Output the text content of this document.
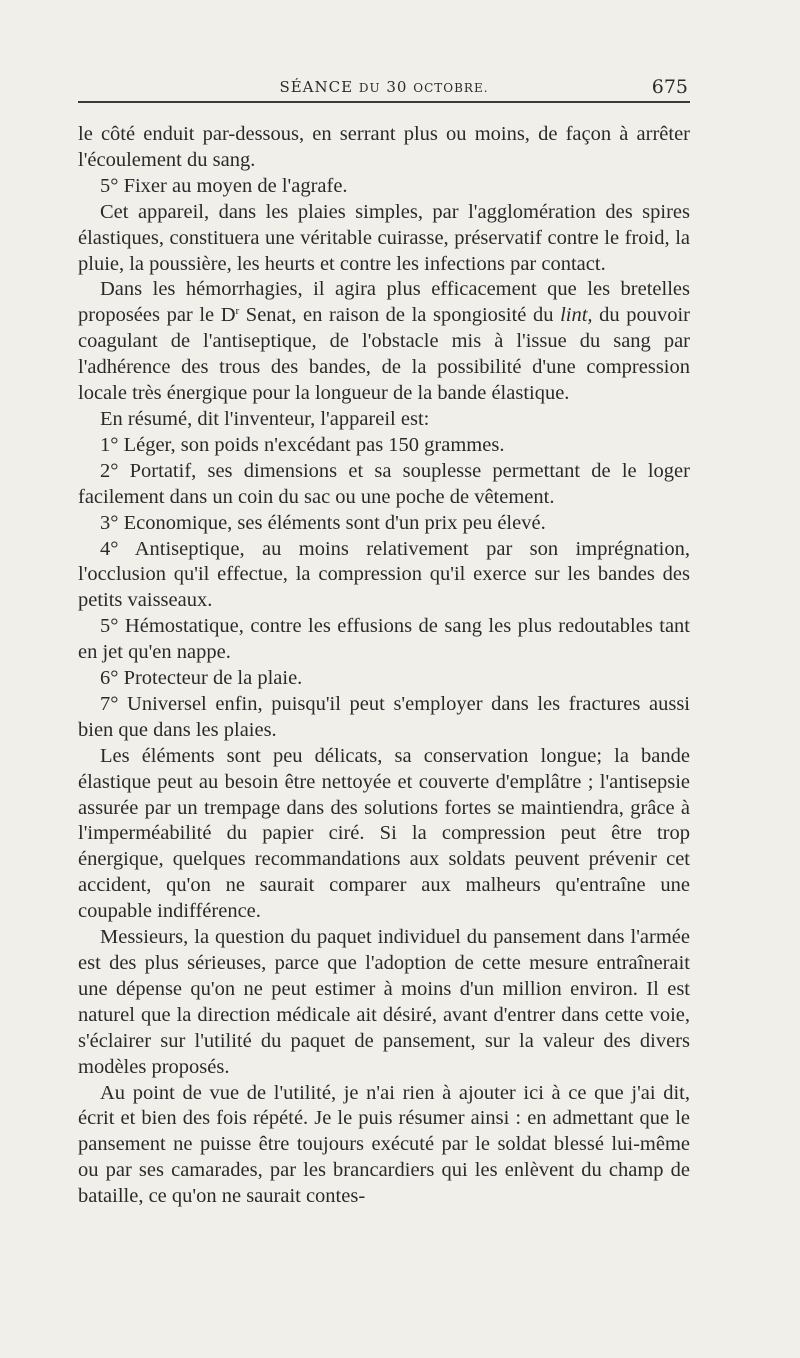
SÉANCE DU 30 OCTOBRE.	675

le côté enduit par-dessous, en serrant plus ou moins, de façon à arrêter l'écoulement du sang.

5° Fixer au moyen de l'agrafe.

Cet appareil, dans les plaies simples, par l'agglomération des spires élastiques, constituera une véritable cuirasse, préservatif contre le froid, la pluie, la poussière, les heurts et contre les infections par contact.

Dans les hémorrhagies, il agira plus efficacement que les bretelles proposées par le $D^r$ Senat, en raison de la spongiosité du lint, du pouvoir coagulant de l'antiseptique, de l'obstacle mis à l'issue du sang par l'adhérence des trous des bandes, de la possibilité d'une compression locale très énergique pour la longueur de la bande élastique.

En résumé, dit l'inventeur, l'appareil est:

1° Léger, son poids n'excédant pas 150 grammes.

2° Portatif, ses dimensions et sa souplesse permettant de le loger facilement dans un coin du sac ou une poche de vêtement.

3° Economique, ses éléments sont d'un prix peu élevé.

4° Antiseptique, au moins relativement par son imprégnation, l'occlusion qu'il effectue, la compression qu'il exerce sur les bandes des petits vaisseaux.

5° Hémostatique, contre les effusions de sang les plus redoutables tant en jet qu'en nappe.

6° Protecteur de la plaie.

7° Universel enfin, puisqu'il peut s'employer dans les fractures aussi bien que dans les plaies.

Les éléments sont peu délicats, sa conservation longue; la bande élastique peut au besoin être nettoyée et couverte d'emplâtre ; l'antisepsie assurée par un trempage dans des solutions fortes se maintiendra, grâce à l'imperméabilité du papier ciré. Si la compression peut être trop énergique, quelques recommandations aux soldats peuvent prévenir cet accident, qu'on ne saurait comparer aux malheurs qu'entraîne une coupable indifférence.

Messieurs, la question du paquet individuel du pansement dans l'armée est des plus sérieuses, parce que l'adoption de cette mesure entraînerait une dépense qu'on ne peut estimer à moins d'un million environ. Il est naturel que la direction médicale ait désiré, avant d'entrer dans cette voie, s'éclairer sur l'utilité du paquet de pansement, sur la valeur des divers modèles proposés.

Au point de vue de l'utilité, je n'ai rien à ajouter ici à ce que j'ai dit, écrit et bien des fois répété. Je le puis résumer ainsi : en admettant que le pansement ne puisse être toujours exécuté par le soldat blessé lui-même ou par ses camarades, par les brancardiers qui les enlèvent du champ de bataille, ce qu'on ne saurait contes-
